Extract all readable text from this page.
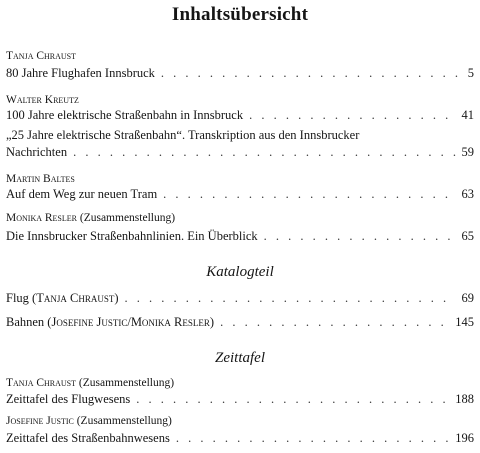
Inhaltsübersicht
Tanja Chraust
80 Jahre Flughafen Innsbruck . . .	5
Walter Kreutz
100 Jahre elektrische Straßenbahn in Innsbruck . . .	41
„25 Jahre elektrische Straßenbahn“. Transkription aus den Innsbrucker
Nachrichten . . .	59
Martin Baltes
Auf dem Weg zur neuen Tram . . .	63
Monika Resler (Zusammenstellung)
Die Innsbrucker Straßenbahnlinien. Ein Überblick . . .	65
Katalogteil
Flug (Tanja Chraust) . . .	69
Bahnen (Josefine Justic/Monika Resler) . . .	145
Zeittafel
Tanja Chraust (Zusammenstellung)
Zeittafel des Flugwesens . . .	188
Josefine Justic (Zusammenstellung)
Zeittafel des Straßenbahnwesens . . .	196
